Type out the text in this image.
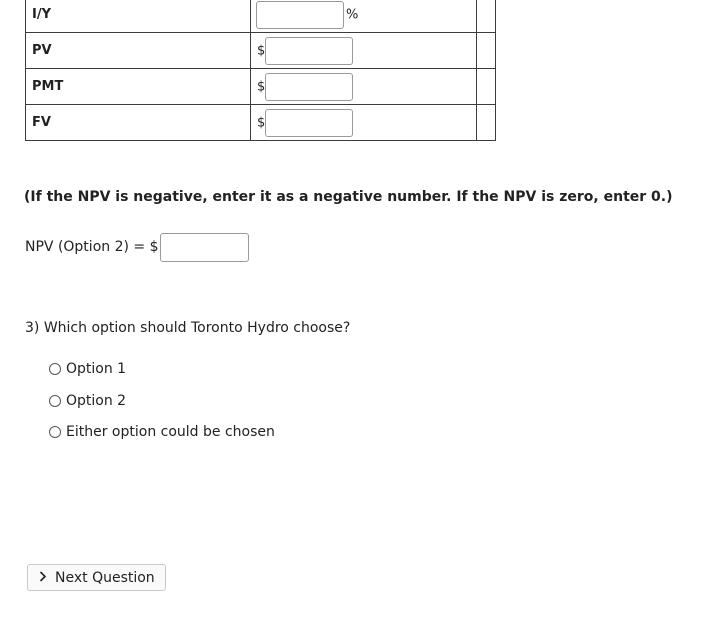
I/Y	%	

PV	$	

PMT	$	

FV	$	

(If the NPV is negative, enter it as a negative number. If the NPV is zero, enter 0.)
NPV (Option 2) = $
3) Which option should Toronto Hydro choose?
Option 1
Option 2
Either option could be chosen
Next Question
